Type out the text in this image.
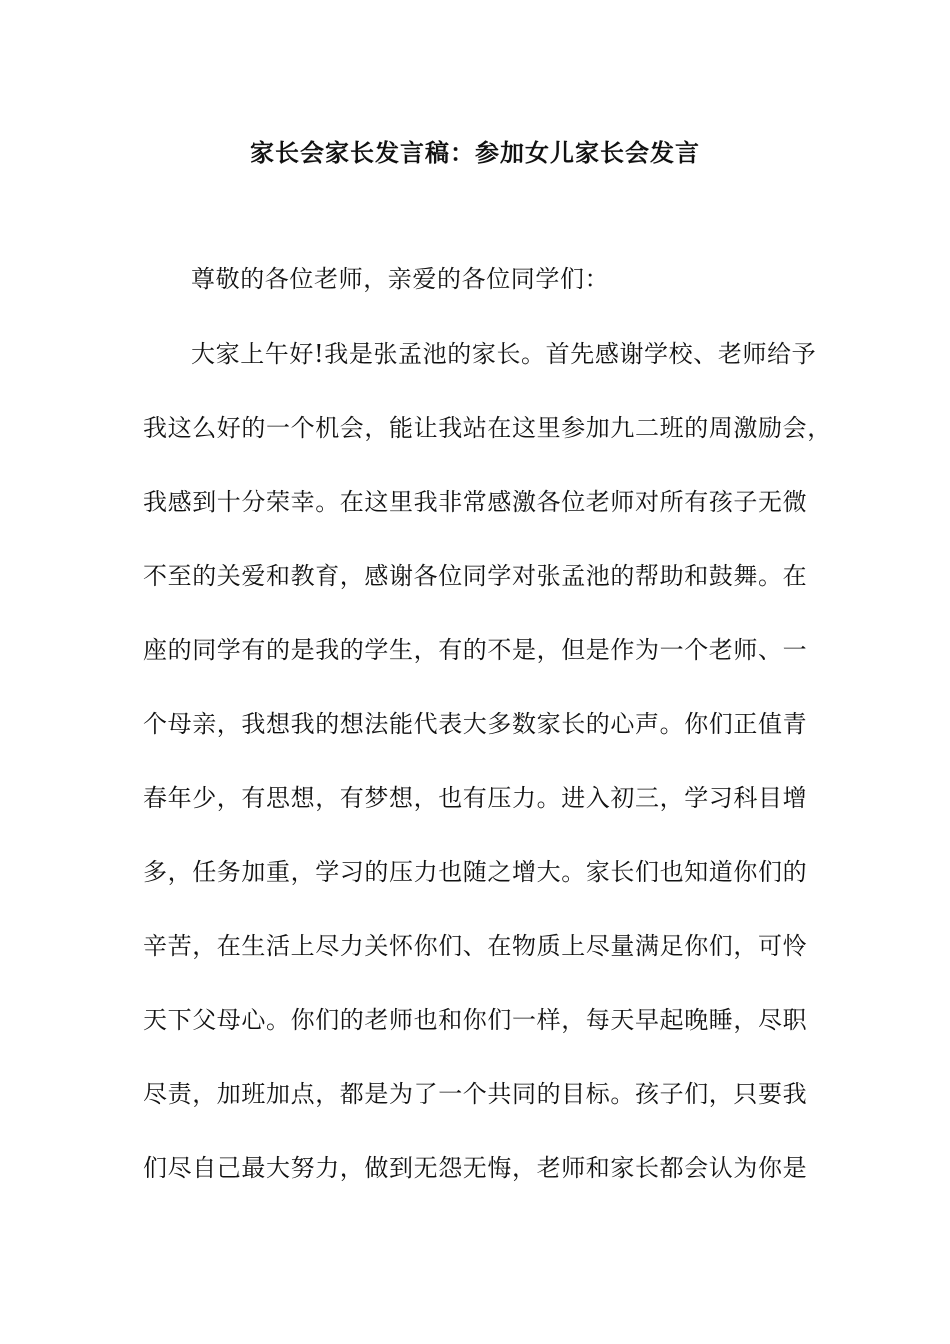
家长会家长发言稿：参加女儿家长会发言
尊敬的各位老师，亲爱的各位同学们：
大家上午好!我是张孟池的家长。首先感谢学校、老师给予
我这么好的一个机会，能让我站在这里参加九二班的周激励会，
我感到十分荣幸。在这里我非常感激各位老师对所有孩子无微
不至的关爱和教育，感谢各位同学对张孟池的帮助和鼓舞。在
座的同学有的是我的学生，有的不是，但是作为一个老师、一
个母亲，我想我的想法能代表大多数家长的心声。你们正值青
春年少，有思想，有梦想，也有压力。进入初三，学习科目增
多，任务加重，学习的压力也随之增大。家长们也知道你们的
辛苦，在生活上尽力关怀你们、在物质上尽量满足你们，可怜
天下父母心。你们的老师也和你们一样，每天早起晚睡，尽职
尽责，加班加点，都是为了一个共同的目标。孩子们，只要我
们尽自己最大努力，做到无怨无悔，老师和家长都会认为你是
